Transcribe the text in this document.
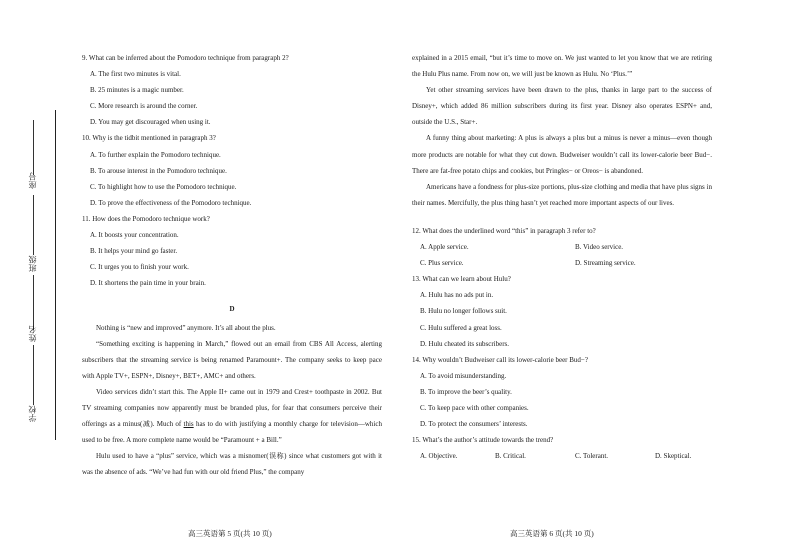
座号
班级
姓名
学校

9. What can be inferred about the Pomodoro technique from paragraph 2?

A. The first two minutes is vital.

B. 25 minutes is a magic number.

C. More research is around the corner.

D. You may get discouraged when using it.

10. Why is the tidbit mentioned in paragraph 3?

A. To further explain the Pomodoro technique.

B. To arouse interest in the Pomodoro technique.

C. To highlight how to use the Pomodoro technique.

D. To prove the effectiveness of the Pomodoro technique.

11. How does the Pomodoro technique work?

A. It boosts your concentration.

B. It helps your mind go faster.

C. It urges you to finish your work.

D. It shortens the pain time in your brain.

D

Nothing is “new and improved” anymore. It’s all about the plus.

“Something exciting is happening in March,” flowed out an email from CBS All Access, alerting subscribers that the streaming service is being renamed Paramount+. The company seeks to keep pace with Apple TV+, ESPN+, Disney+, BET+, AMC+ and others.

Video services didn’t start this. The Apple II+ came out in 1979 and Crest+ toothpaste in 2002. But TV streaming companies now apparently must be branded plus, for fear that consumers perceive their offerings as a minus(减). Much of this has to do with justifying a monthly charge for television—which used to be free. A more complete name would be “Paramount + a Bill.”

Hulu used to have a “plus” service, which was a misnomer(误称) since what customers got with it was the absence of ads. “We’ve had fun with our old friend Plus,” the company

explained in a 2015 email, “but it’s time to move on. We just wanted to let you know that we are retiring the Hulu Plus name. From now on, we will just be known as Hulu. No ‘Plus.’”

Yet other streaming services have been drawn to the plus, thanks in large part to the success of Disney+, which added 86 million subscribers during its first year. Disney also operates ESPN+ and, outside the U.S., Star+.

A funny thing about marketing: A plus is always a plus but a minus is never a minus—even though more products are notable for what they cut down. Budweiser wouldn’t call its lower-calorie beer Bud−. There are fat-free potato chips and cookies, but Pringles− or Oreos− is abandoned.

Americans have a fondness for plus-size portions, plus-size clothing and media that have plus signs in their names. Mercifully, the plus thing hasn’t yet reached more important aspects of our lives.

12. What does the underlined word “this” in paragraph 3 refer to?

A. Apple service.	B. Video service.
C. Plus service.	D. Streaming service.

13. What can we learn about Hulu?

A. Hulu has no ads put in.

B. Hulu no longer follows suit.

C. Hulu suffered a great loss.

D. Hulu cheated its subscribers.

14. Why wouldn’t Budweiser call its lower-calorie beer Bud−?

A. To avoid misunderstanding.

B. To improve the beer’s quality.

C. To keep pace with other companies.

D. To protect the consumers’ interests.

15. What’s the author’s attitude towards the trend?

A. Objective.	B. Critical.	C. Tolerant.	D. Skeptical.
高三英语第 5 页(共 10 页)	高三英语第 6 页(共 10 页)
